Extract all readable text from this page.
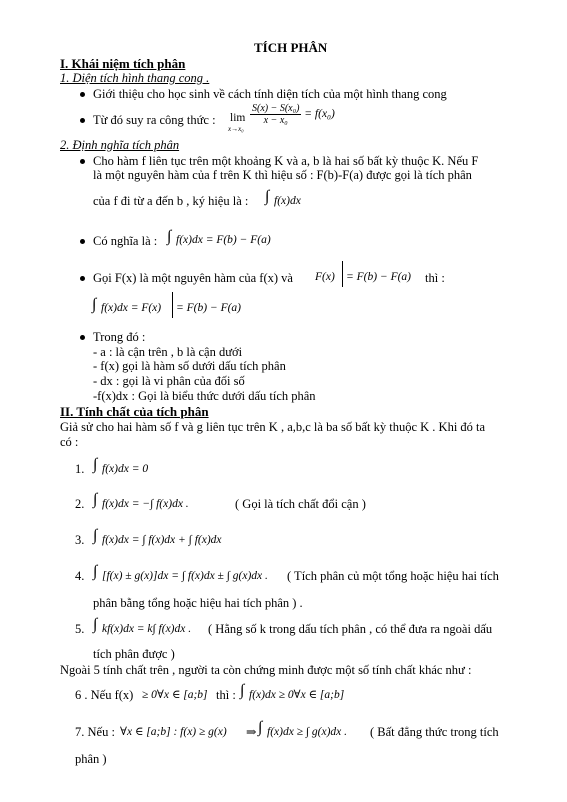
TÍCH PHÂN
I. Khái niệm tích phân
1. Diện tích hình thang cong .
Giới thiệu cho học sinh về cách tính diện tích của một hình thang cong
Từ đó suy ra công thức : lim
x→x₀
$\frac{\text{S(x) − S(x₀)}}{\text{x − x₀}} = f(x_0)$
2. Định nghĩa tích phân
Cho hàm f liên tục trên một khoảng K và a, b là hai số bất kỳ thuộc K. Nếu F
là một nguyên hàm của f trên K thì hiệu số : F(b)-F(a) được gọi là tích phân
của f đi từ a đến b , ký hiệu là : ∫ f(x)dx
Có nghĩa là : ∫ f(x)dx = F(b) − F(a)
Gọi F(x) là một nguyên hàm của f(x) và F(x) = F(b) − F(a) thì :
∫ f(x)dx = F(x) = F(b) − F(a)
Trong đó :
- a : là cận trên , b là cận dưới
- f(x) gọi là hàm số dưới dấu tích phân
- dx : gọi là vi phân của đối số
-f(x)dx : Gọi là biểu thức dưới dấu tích phân
II. Tính chất của tích phân
Giả sử cho hai hàm số f và g liên tục trên K , a,b,c là ba số bất kỳ thuộc K . Khi đó ta
có :
1. ∫ f(x)dx = 0
2. ∫ f(x)dx = −∫ f(x)dx .	( Gọi là tích chất đổi cận )
3. ∫ f(x)dx = ∫ f(x)dx + ∫ f(x)dx
4. ∫ [f(x) ± g(x)]dx = ∫ f(x)dx ± ∫ g(x)dx . ( Tích phân củ một tổng hoặc hiệu hai tích
phân bằng tổng hoặc hiệu hai tích phân ) .
5. ∫ kf(x)dx = k∫ f(x)dx . ( Hằng số k trong dấu tích phân , có thể đưa ra ngoài dấu
tích phân được )
Ngoài 5 tính chất trên , người ta còn chứng minh được một số tính chất khác như :
6 . Nếu f(x) ≥ 0∀x ∈ [a;b] thì : ∫ f(x)dx ≥ 0∀x ∈ [a;b]
7. Nếu : ∀x ∈ [a;b] : f(x) ≥ g(x) ⇒ ∫ f(x)dx ≥ ∫ g(x)dx . ( Bất đẳng thức trong tích
phân )
